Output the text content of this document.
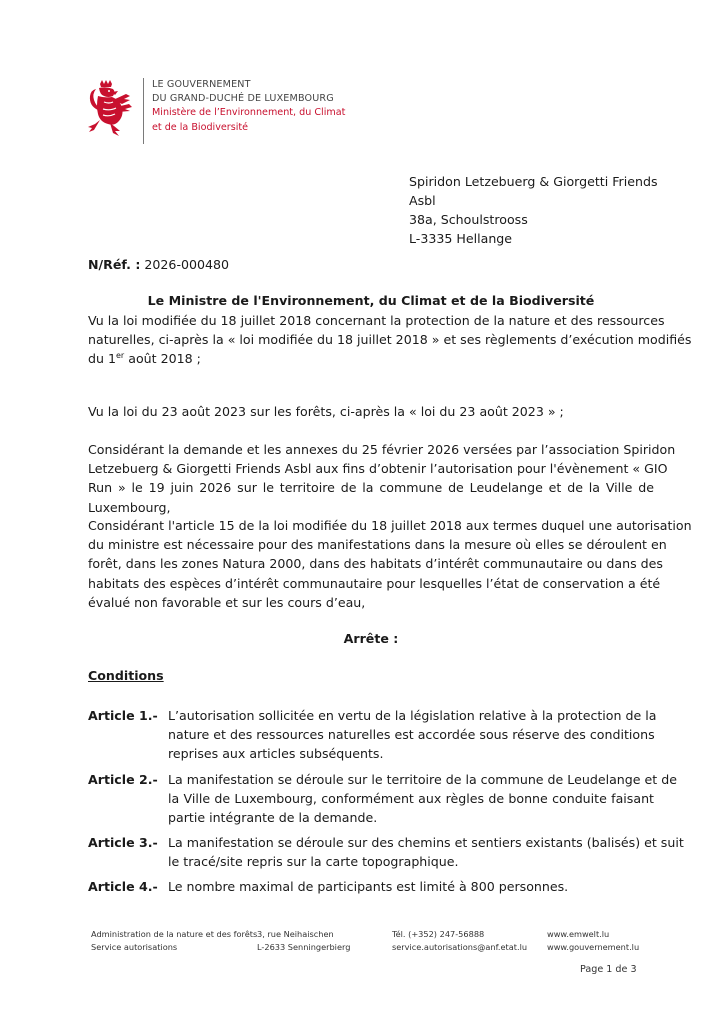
LE GOUVERNEMENT
DU GRAND-DUCHÉ DE LUXEMBOURG
Ministère de l’Environnement, du Climat
et de la Biodiversité
Spiridon Letzebuerg & Giorgetti Friends
Asbl
38a, Schoulstrooss
L-3335 Hellange
N/Réf. : 2026-000480
Le Ministre de l'Environnement, du Climat et de la Biodiversité
Vu la loi modifiée du 18 juillet 2018 concernant la protection de la nature et des ressources
naturelles, ci-après la « loi modifiée du 18 juillet 2018 » et ses règlements d’exécution modifiés
du 1er août 2018 ;
Vu la loi du 23 août 2023 sur les forêts, ci-après la « loi du 23 août 2023 » ;
Considérant la demande et les annexes du 25 février 2026 versées par l’association Spiridon
Letzebuerg & Giorgetti Friends Asbl aux fins d’obtenir l’autorisation pour l'évènement « GIO
Run » le 19 juin 2026 sur le territoire de la commune de Leudelange et de la Ville de
Luxembourg,
Considérant l'article 15 de la loi modifiée du 18 juillet 2018 aux termes duquel une autorisation
du ministre est nécessaire pour des manifestations dans la mesure où elles se déroulent en
forêt, dans les zones Natura 2000, dans des habitats d’intérêt communautaire ou dans des
habitats des espèces d’intérêt communautaire pour lesquelles l’état de conservation a été
évalué non favorable et sur les cours d’eau,
Arrête :
Conditions
Article 1.- L’autorisation sollicitée en vertu de la législation relative à la protection de la
nature et des ressources naturelles est accordée sous réserve des conditions
reprises aux articles subséquents.
Article 2.- La manifestation se déroule sur le territoire de la commune de Leudelange et de
la Ville de Luxembourg, conformément aux règles de bonne conduite faisant
partie intégrante de la demande.
Article 3.- La manifestation se déroule sur des chemins et sentiers existants (balisés) et suit
le tracé/site repris sur la carte topographique.
Article 4.- Le nombre maximal de participants est limité à 800 personnes.
Administration de la nature et des forêts
Service autorisations
3, rue Neihaischen
L-2633 Senningerbierg
Tél. (+352) 247-56888
service.autorisations@anf.etat.lu
www.emwelt.lu
www.gouvernement.lu
Page 1 de 3
